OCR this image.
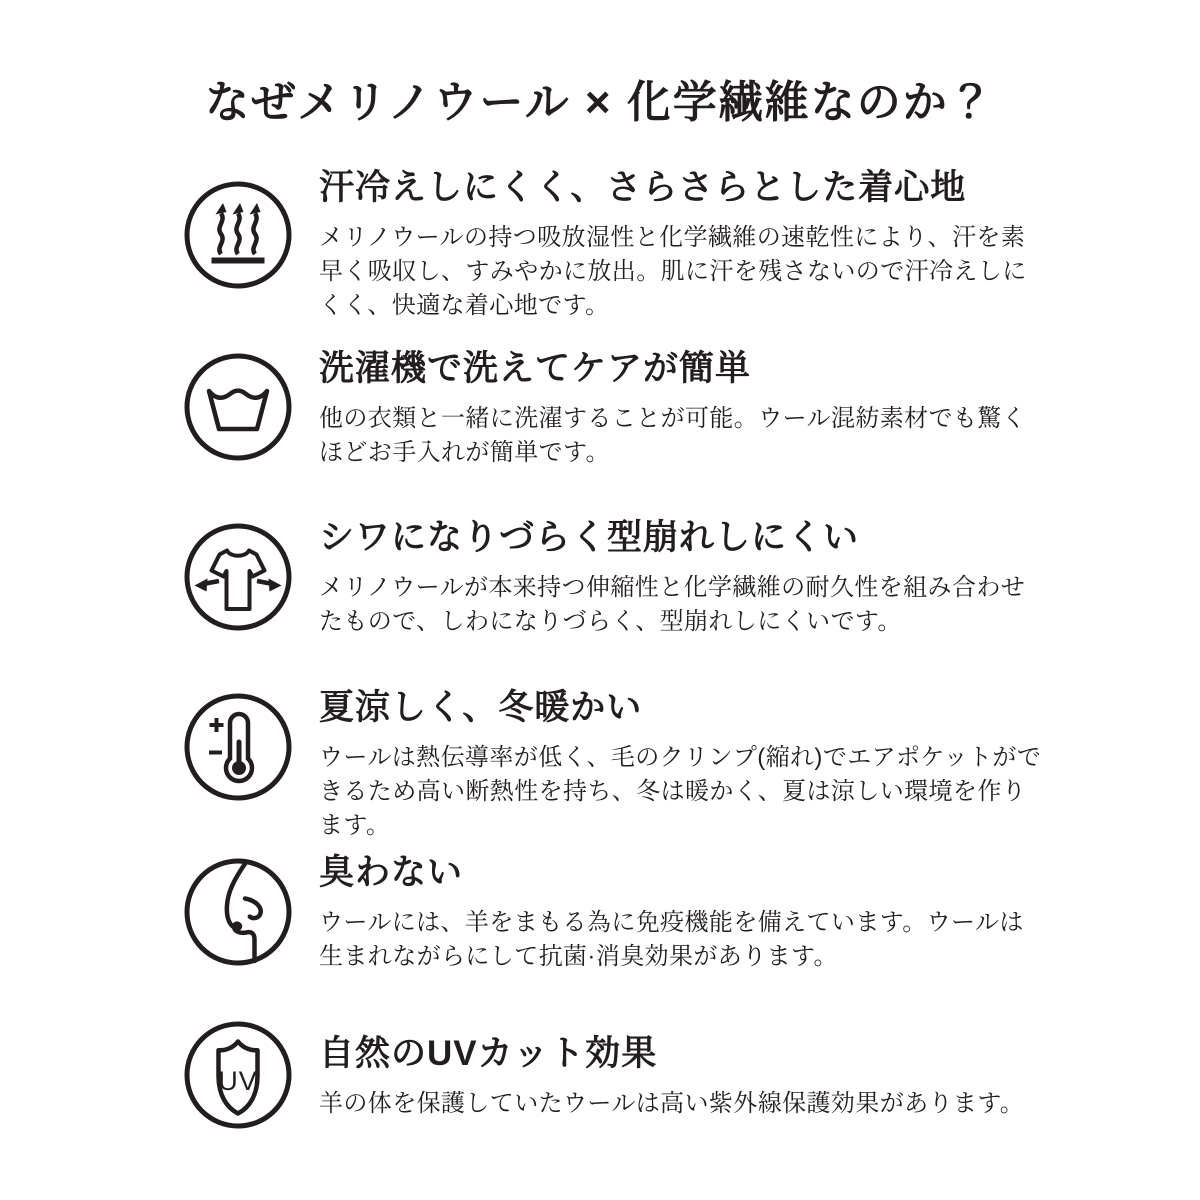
なぜメリノウール × 化学繊維なのか？
汗冷えしにくく、さらさらとした着心地

メリノウールの持つ吸放湿性と化学繊維の速乾性により、汗を素早く吸収し、すみやかに放出。肌に汗を残さないので汗冷えしにくく、快適な着心地です。

洗濯機で洗えてケアが簡単

他の衣類と一緒に洗濯することが可能。ウール混紡素材でも驚くほどお手入れが簡単です。

シワになりづらく型崩れしにくい

メリノウールが本来持つ伸縮性と化学繊維の耐久性を組み合わせたもので、しわになりづらく、型崩れしにくいです。

夏涼しく、冬暖かい

ウールは熱伝導率が低く、毛のクリンプ(縮れ)でエアポケットができるため高い断熱性を持ち、冬は暖かく、夏は涼しい環境を作ります。

臭わない

ウールには、羊をまもる為に免疫機能を備えています。ウールは生まれながらにして抗菌·消臭効果があります。

UV
自然のUVカット効果

羊の体を保護していたウールは高い紫外線保護効果があります。
